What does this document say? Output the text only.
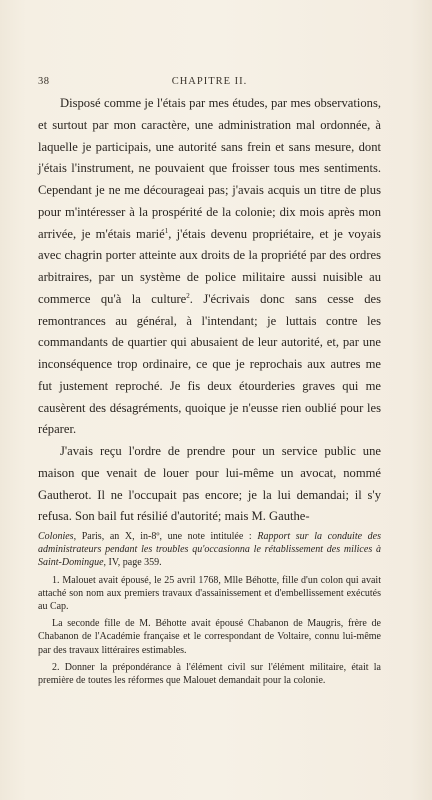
38	CHAPITRE II.

Disposé comme je l'étais par mes études, par mes observations, et surtout par mon caractère, une administration mal ordonnée, à laquelle je participais, une autorité sans frein et sans mesure, dont j'étais l'instrument, ne pouvaient que froisser tous mes sentiments. Cependant je ne me décourageai pas; j'avais acquis un titre de plus pour m'intéresser à la prospérité de la colonie; dix mois après mon arrivée, je m'étais marié$^1$, j'étais devenu propriétaire, et je voyais avec chagrin porter atteinte aux droits de la propriété par des ordres arbitraires, par un système de police militaire aussi nuisible au commerce qu'à la culture$^2$. J'écrivais donc sans cesse des remontrances au général, à l'intendant; je luttais contre les commandants de quartier qui abusaient de leur autorité, et, par une inconséquence trop ordinaire, ce que je reprochais aux autres me fut justement reproché. Je fis deux étourderies graves qui me causèrent des désagréments, quoique je n'eusse rien oublié pour les réparer.

J'avais reçu l'ordre de prendre pour un service public une maison que venait de louer pour lui-même un avocat, nommé Gautherot. Il ne l'occupait pas encore; je la lui demandai; il s'y refusa. Son bail fut résilié d'autorité; mais M. Gauthe-

Colonies, Paris, an X, in-8º, une note intitulée : Rapport sur la conduite des administrateurs pendant les troubles qu'occasionna le rétablissement des milices à Saint-Domingue, IV, page 359.

1. Malouet avait épousé, le 25 avril 1768, Mlle Béhotte, fille d'un colon qui avait attaché son nom aux premiers travaux d'assainissement et d'embellissement exécutés au Cap.

La seconde fille de M. Béhotte avait épousé Chabanon de Maugris, frère de Chabanon de l'Académie française et le correspondant de Voltaire, connu lui-même par des travaux littéraires estimables.

2. Donner la prépondérance à l'élément civil sur l'élément militaire, était la première de toutes les réformes que Malouet demandait pour la colonie.
